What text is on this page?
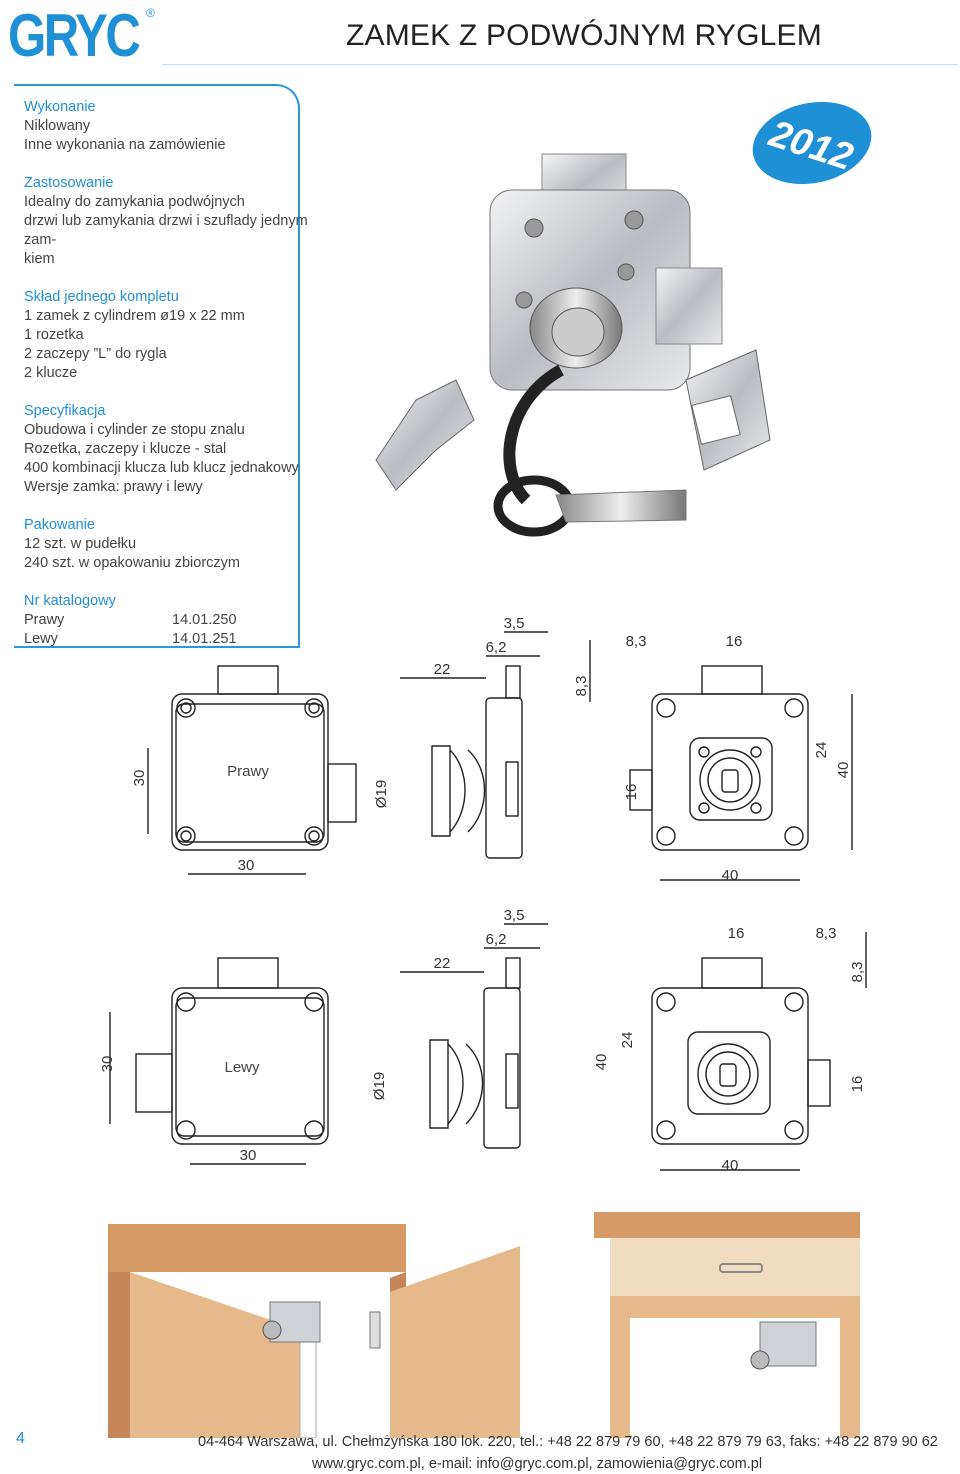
GRYC ®
ZAMEK Z PODWÓJNYM RYGLEM
Wykonanie
Niklowany
Inne wykonania na zamówienie
Zastosowanie
Idealny do zamykania podwójnych
drzwi lub zamykania drzwi i szuflady jednym zam-
kiem
Skład jednego kompletu
1 zamek z cylindrem ø19 x 22 mm
1 rozetka
2 zaczepy ”L” do rygla
2 klucze
Specyfikacja
Obudowa i cylinder ze stopu znalu
Rozetka, zaczepy i klucze - stal
400 kombinacji klucza lub klucz jednakowy
Wersje zamka: prawy i lewy
Pakowanie
12 szt. w pudełku
240 szt. w opakowaniu zbiorczym
Nr katalogowy
Prawy	14.01.250
Lewy	14.01.251
2012
Prawy
30
30
22
6,2
3,5
Ø19	16
8,3
8,3	16
24
40
40
Lewy
30
30
22
6,2
3,5
Ø19
16	8,3
8,3
40
24
16
40
4	04-464 Warszawa, ul. Chełmżyńska 180 lok. 220, tel.: +48 22 879 79 60, +48 22 879 79 63, faks: +48 22 879 90 62
www.gryc.com.pl, e-mail: info@gryc.com.pl, zamowienia@gryc.com.pl
